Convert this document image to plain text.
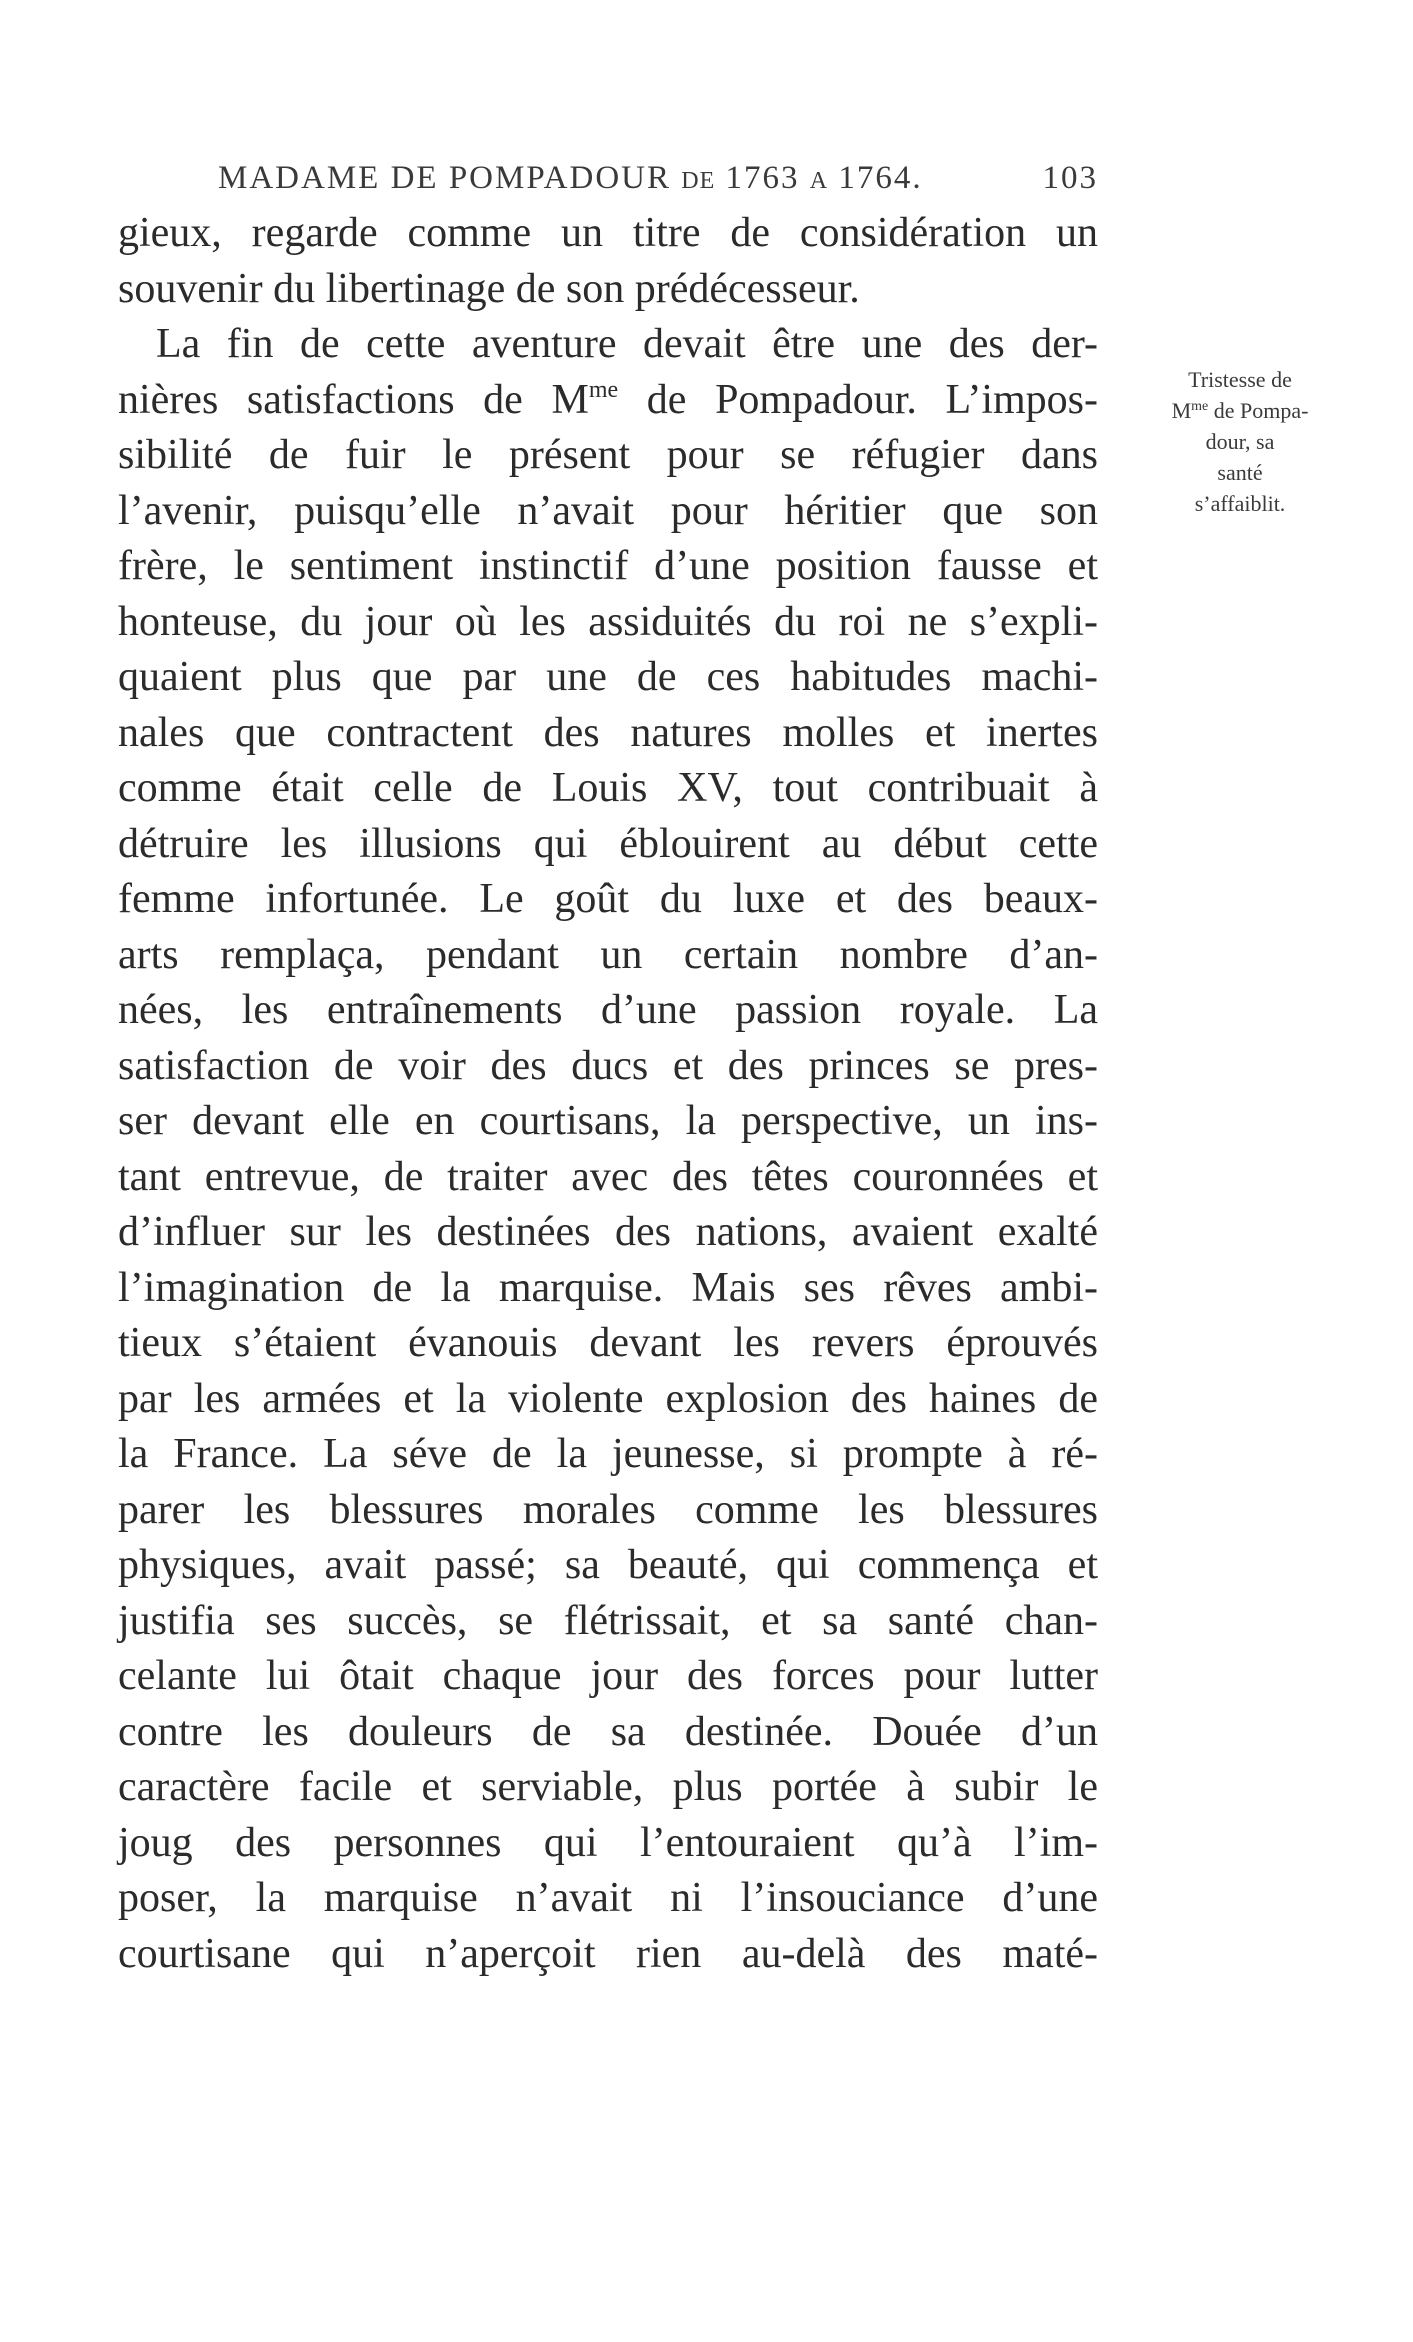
MADAME DE POMPADOUR DE 1763 A 1764.	103
Tristesse de
$M^{me}$ de Pompa-
dour, sa
santé
s’affaiblit.
gieux, regarde comme un titre de considération un
souvenir du libertinage de son prédécesseur.
La fin de cette aventure devait être une des der-
nières satisfactions de $M^{me}$ de Pompadour. L’impos-
sibilité de fuir le présent pour se réfugier dans
l’avenir, puisqu’elle n’avait pour héritier que son
frère, le sentiment instinctif d’une position fausse et
honteuse, du jour où les assiduités du roi ne s’expli-
quaient plus que par une de ces habitudes machi-
nales que contractent des natures molles et inertes
comme était celle de Louis XV, tout contribuait à
détruire les illusions qui éblouirent au début cette
femme infortunée. Le goût du luxe et des beaux-
arts remplaça, pendant un certain nombre d’an-
nées, les entraînements d’une passion royale. La
satisfaction de voir des ducs et des princes se pres-
ser devant elle en courtisans, la perspective, un ins-
tant entrevue, de traiter avec des têtes couronnées et
d’influer sur les destinées des nations, avaient exalté
l’imagination de la marquise. Mais ses rêves ambi-
tieux s’étaient évanouis devant les revers éprouvés
par les armées et la violente explosion des haines de
la France. La séve de la jeunesse, si prompte à ré-
parer les blessures morales comme les blessures
physiques, avait passé; sa beauté, qui commença et
justifia ses succès, se flétrissait, et sa santé chan-
celante lui ôtait chaque jour des forces pour lutter
contre les douleurs de sa destinée. Douée d’un
caractère facile et serviable, plus portée à subir le
joug des personnes qui l’entouraient qu’à l’im-
poser, la marquise n’avait ni l’insouciance d’une
courtisane qui n’aperçoit rien au-delà des maté-
